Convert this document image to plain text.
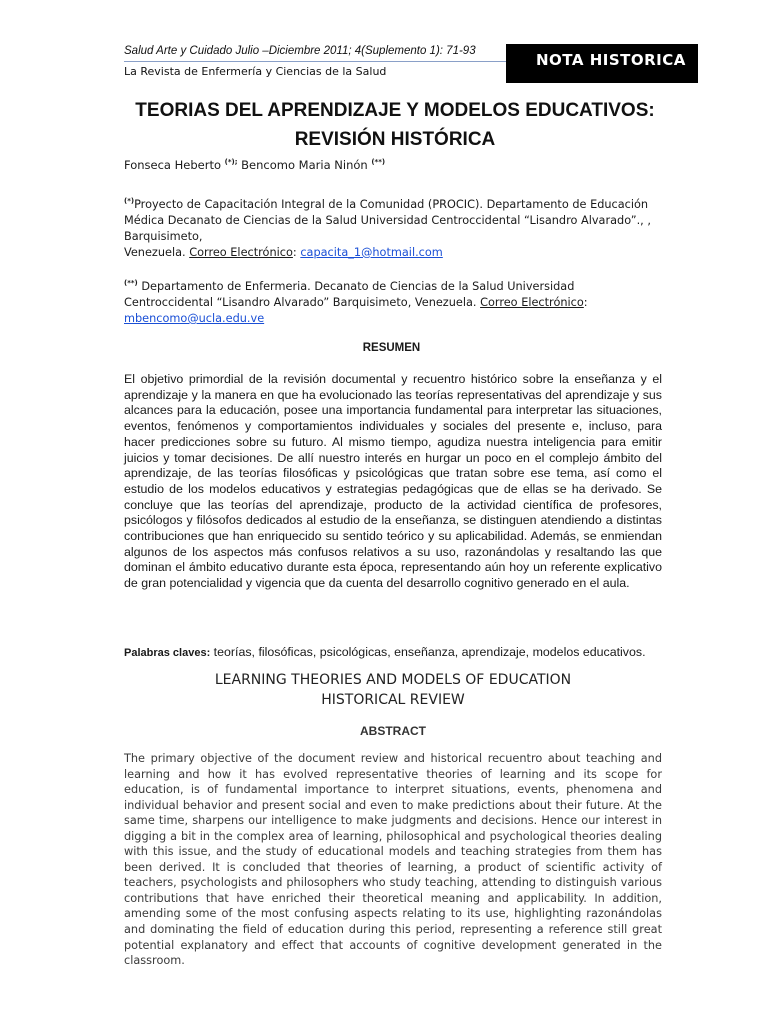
Salud Arte y Cuidado Julio –Diciembre 2011; 4(Suplemento 1): 71-93
La Revista de Enfermería y Ciencias de la Salud
NOTA HISTORICA
TEORIAS DEL APRENDIZAJE Y MODELOS EDUCATIVOS:
REVISIÓN HISTÓRICA
Fonseca Heberto (*); Bencomo Maria Ninón (**)
(*)Proyecto de Capacitación Integral de la Comunidad (PROCIC). Departamento de Educación Médica Decanato de Ciencias de la Salud Universidad Centroccidental “Lisandro Alvarado”., , Barquisimeto,
Venezuela. Correo Electrónico: capacita_1@hotmail.com
(**) Departamento de Enfermeria. Decanato de Ciencias de la Salud Universidad Centroccidental “Lisandro Alvarado” Barquisimeto, Venezuela. Correo Electrónico: mbencomo@ucla.edu.ve
RESUMEN
El objetivo primordial de la revisión documental y recuentro histórico sobre la enseñanza y el aprendizaje y la manera en que ha evolucionado las teorías representativas del aprendizaje y sus alcances para la educación, posee una importancia fundamental para interpretar las situaciones, eventos, fenómenos y comportamientos individuales y sociales del presente e, incluso, para hacer predicciones sobre su futuro. Al mismo tiempo, agudiza nuestra inteligencia para emitir juicios y tomar decisiones. De allí nuestro interés en hurgar un poco en el complejo ámbito del aprendizaje, de las teorías filosóficas y psicológicas que tratan sobre ese tema, así como el estudio de los modelos educativos y estrategias pedagógicas que de ellas se ha derivado. Se concluye que las teorías del aprendizaje, producto de la actividad científica de profesores, psicólogos y filósofos dedicados al estudio de la enseñanza, se distinguen atendiendo a distintas contribuciones que han enriquecido su sentido teórico y su aplicabilidad. Además, se enmiendan algunos de los aspectos más confusos relativos a su uso, razonándolas y resaltando las que dominan el ámbito educativo durante esta época, representando aún hoy un referente explicativo de gran potencialidad y vigencia que da cuenta del desarrollo cognitivo generado en el aula.
Palabras claves: teorías, filosóficas, psicológicas, enseñanza, aprendizaje, modelos educativos.
LEARNING THEORIES AND MODELS OF EDUCATION
HISTORICAL REVIEW
ABSTRACT
The primary objective of the document review and historical recuentro about teaching and learning and how it has evolved representative theories of learning and its scope for education, is of fundamental importance to interpret situations, events, phenomena and individual behavior and present social and even to make predictions about their future. At the same time, sharpens our intelligence to make judgments and decisions. Hence our interest in digging a bit in the complex area of learning, philosophical and psychological theories dealing with this issue, and the study of educational models and teaching strategies from them has been derived. It is concluded that theories of learning, a product of scientific activity of teachers, psychologists and philosophers who study teaching, attending to distinguish various contributions that have enriched their theoretical meaning and applicability. In addition, amending some of the most confusing aspects relating to its use, highlighting razonándolas and dominating the field of education during this period, representing a reference still great potential explanatory and effect that accounts of cognitive development generated in the classroom.
